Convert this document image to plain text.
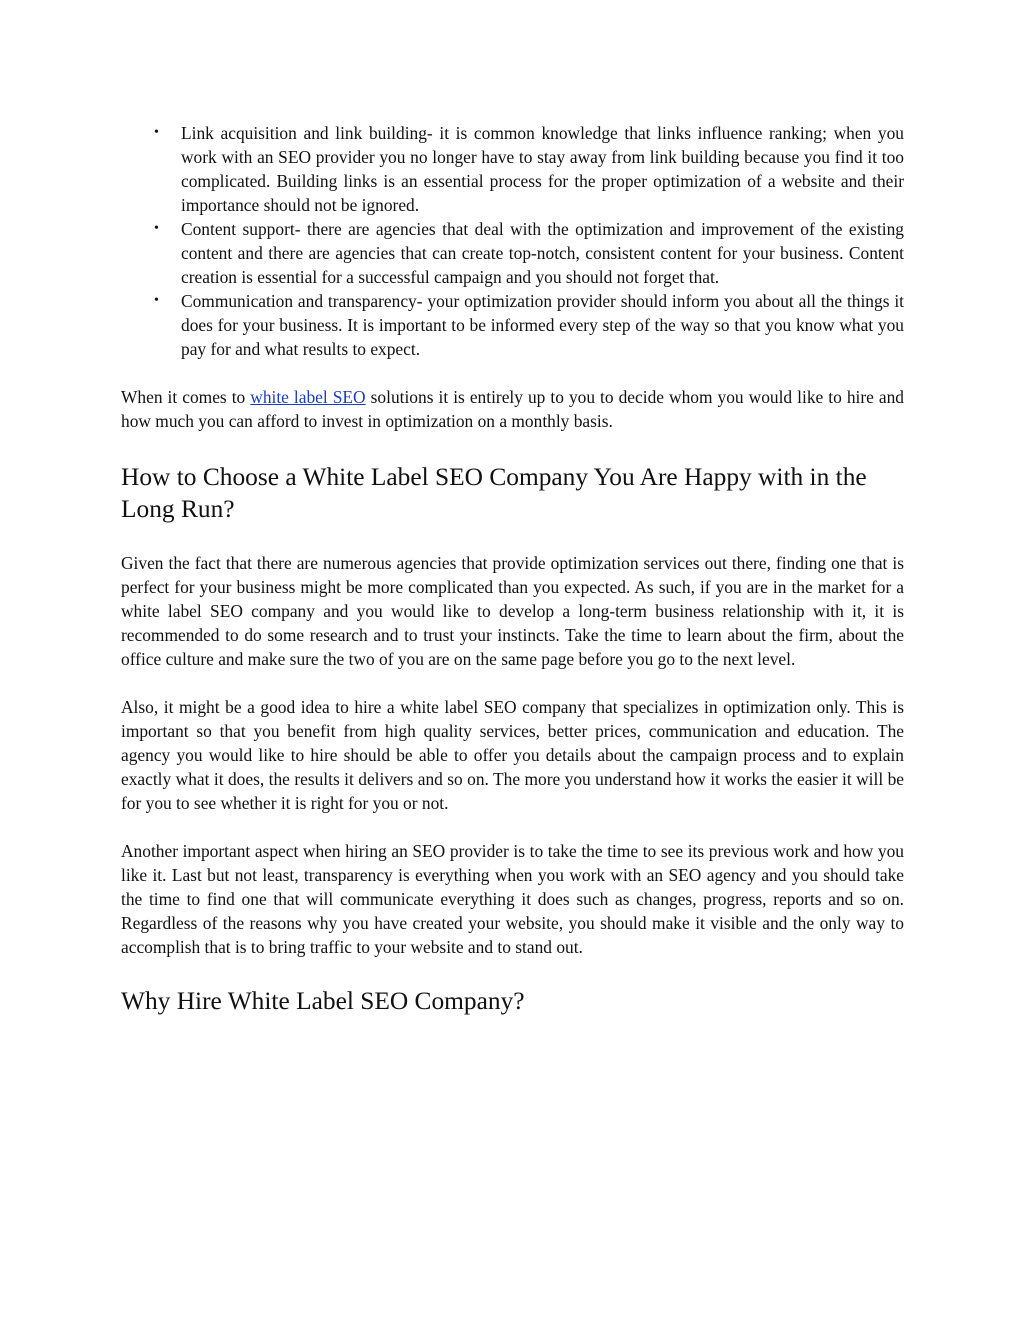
• Link acquisition and link building- it is common knowledge that links influence ranking; when you work with an SEO provider you no longer have to stay away from link building because you find it too complicated. Building links is an essential process for the proper optimization of a website and their importance should not be ignored.
• Content support- there are agencies that deal with the optimization and improvement of the existing content and there are agencies that can create top-notch, consistent content for your business. Content creation is essential for a successful campaign and you should not forget that.
• Communication and transparency- your optimization provider should inform you about all the things it does for your business. It is important to be informed every step of the way so that you know what you pay for and what results to expect.

When it comes to white label SEO solutions it is entirely up to you to decide whom you would like to hire and how much you can afford to invest in optimization on a monthly basis.

How to Choose a White Label SEO Company You Are Happy with in the Long Run?

Given the fact that there are numerous agencies that provide optimization services out there, finding one that is perfect for your business might be more complicated than you expected. As such, if you are in the market for a white label SEO company and you would like to develop a long-term business relationship with it, it is recommended to do some research and to trust your instincts. Take the time to learn about the firm, about the office culture and make sure the two of you are on the same page before you go to the next level.

Also, it might be a good idea to hire a white label SEO company that specializes in optimization only. This is important so that you benefit from high quality services, better prices, communication and education. The agency you would like to hire should be able to offer you details about the campaign process and to explain exactly what it does, the results it delivers and so on. The more you understand how it works the easier it will be for you to see whether it is right for you or not.

Another important aspect when hiring an SEO provider is to take the time to see its previous work and how you like it. Last but not least, transparency is everything when you work with an SEO agency and you should take the time to find one that will communicate everything it does such as changes, progress, reports and so on. Regardless of the reasons why you have created your website, you should make it visible and the only way to accomplish that is to bring traffic to your website and to stand out.

Why Hire White Label SEO Company?
